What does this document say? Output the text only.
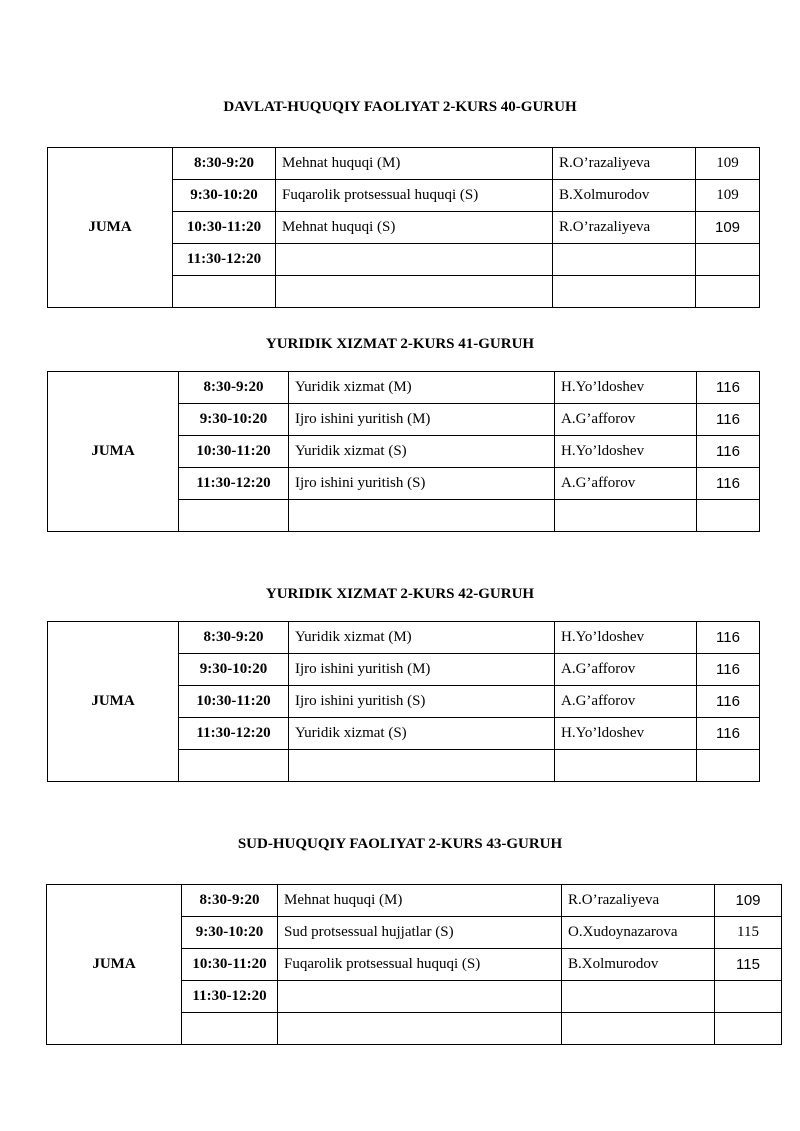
DAVLAT-HUQUQIY FAOLIYAT 2-KURS 40-GURUH
JUMA	8:30-9:20	Mehnat huquqi (M)	R.O’razaliyeva	109
	9:30-10:20	Fuqarolik protsessual huquqi (S)	B.Xolmurodov	109
	10:30-11:20	Mehnat huquqi (S)	R.O’razaliyeva	109
	11:30-12:20			

YURIDIK XIZMAT 2-KURS 41-GURUH
JUMA	8:30-9:20	Yuridik xizmat (M)	H.Yo’ldoshev	116
	9:30-10:20	Ijro ishini yuritish (M)	A.G’afforov	116
	10:30-11:20	Yuridik xizmat (S)	H.Yo’ldoshev	116
	11:30-12:20	Ijro ishini yuritish (S)	A.G’afforov	116

YURIDIK XIZMAT 2-KURS 42-GURUH
JUMA	8:30-9:20	Yuridik xizmat (M)	H.Yo’ldoshev	116
	9:30-10:20	Ijro ishini yuritish (M)	A.G’afforov	116
	10:30-11:20	Ijro ishini yuritish (S)	A.G’afforov	116
	11:30-12:20	Yuridik xizmat (S)	H.Yo’ldoshev	116

SUD-HUQUQIY FAOLIYAT 2-KURS 43-GURUH
JUMA	8:30-9:20	Mehnat huquqi (M)	R.O’razaliyeva	109
	9:30-10:20	Sud protsessual hujjatlar (S)	O.Xudoynazarova	115
	10:30-11:20	Fuqarolik protsessual huquqi (S)	B.Xolmurodov	115
	11:30-12:20			
